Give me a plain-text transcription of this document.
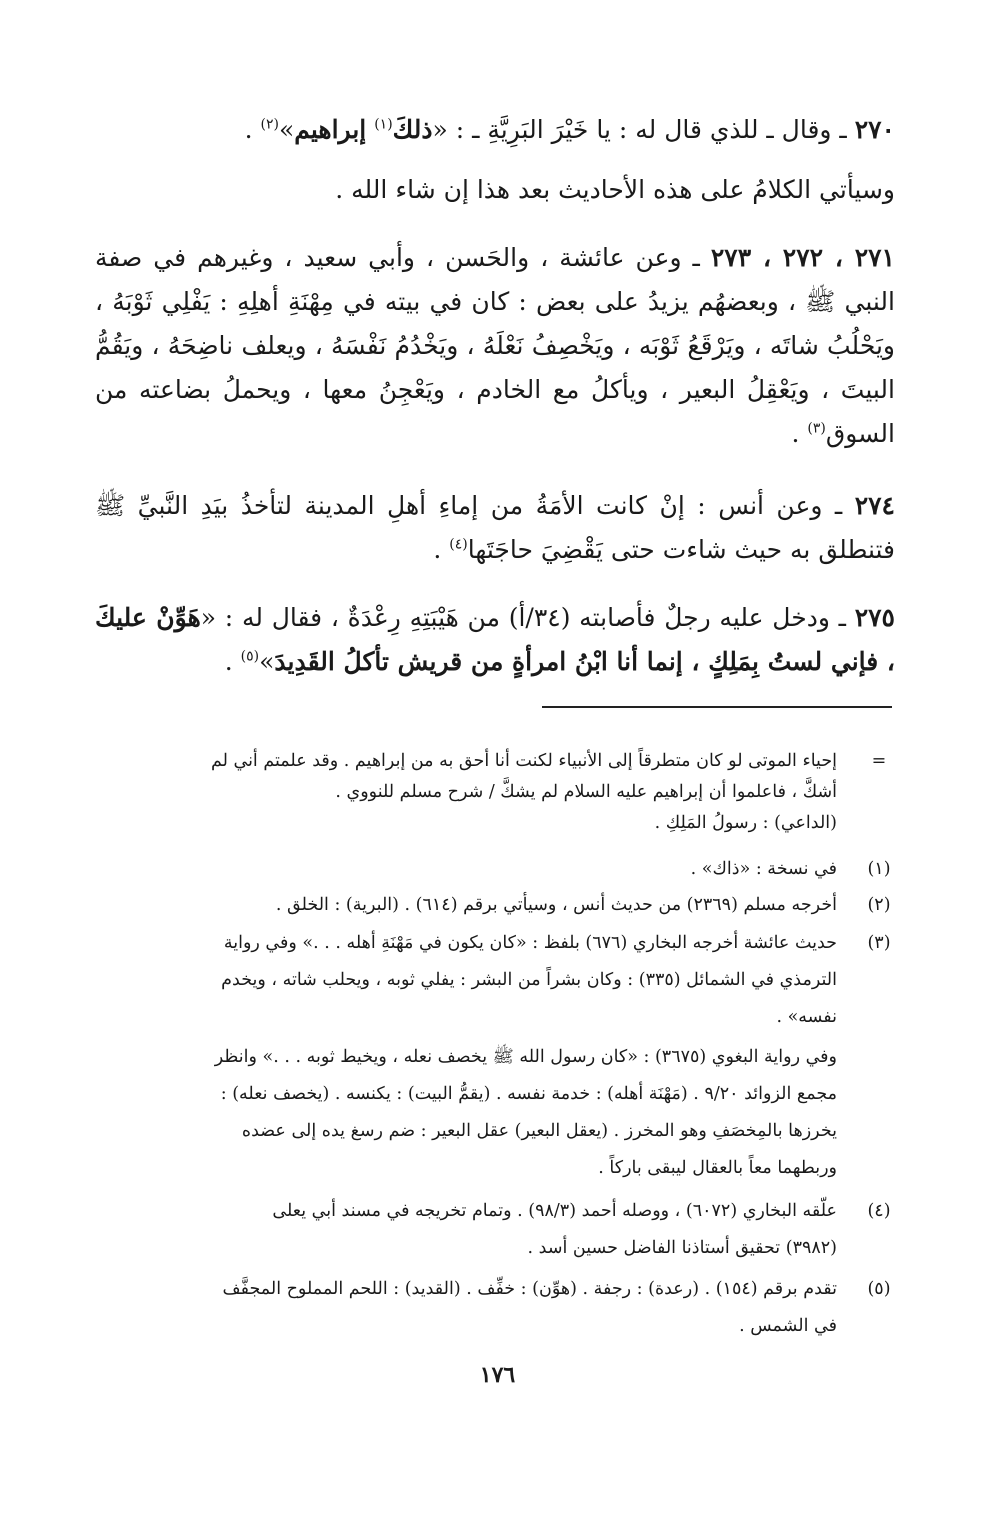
٢٧٠ ـ وقال ـ للذي قال له : يا خَيْرَ البَرِيَّةِ ـ : «ذلكَ$^{(١)}$ إبراهيم»$^{(٢)}$ .

وسيأتي الكلامُ على هذه الأحاديث بعد هذا إن شاء الله .

٢٧١ ، ٢٧٢ ، ٢٧٣ ـ وعن عائشة ، والحَسن ، وأبي سعيد ، وغيرهم في صفة النبي ﷺ ، وبعضهُم يزيدُ على بعض : كان في بيته في مِهْنَةِ أهلِهِ : يَفْلِي ثَوْبَهُ ، ويَحْلُبُ شاتَه ، ويَرْقَعُ ثَوْبَه ، ويَخْصِفُ نَعْلَهُ ، ويَخْدُمُ نَفْسَهُ ، ويعلف ناضِحَهُ ، ويَقُمُّ البيتَ ، ويَعْقِلُ البعير ، ويأكلُ مع الخادم ، ويَعْجِنُ معها ، ويحملُ بضاعته من السوق$^{(٣)}$ .

٢٧٤ ـ وعن أنس : إنْ كانت الأمَةُ من إماءِ أهلِ المدينة لتأخذُ بيَدِ النَّبيِّ ﷺ فتنطلق به حيث شاءت حتى يَقْضِيَ حاجَتَها$^{(٤)}$ .

٢٧٥ ـ ودخل عليه رجلٌ فأصابته (٣٤/أ) من هَيْبَتِهِ رِعْدَةٌ ، فقال له : «هَوِّنْ عليكَ ، فإني لستُ بِمَلِكٍ ، إنما أنا ابْنُ امرأةٍ من قريش تأكلُ القَدِيدَ»$^{(٥)}$ .

=
إحياء الموتى لو كان متطرقاً إلى الأنبياء لكنت أنا أحق به من إبراهيم . وقد علمتم أني لم
أشكَّ ، فاعلموا أن إبراهيم عليه السلام لم يشكَّ / شرح مسلم للنووي .
(الداعي) : رسولُ المَلِكِ .
(١)
في نسخة : «ذاك» .
(٢)
أخرجه مسلم (٢٣٦٩) من حديث أنس ، وسيأتي برقم (٦١٤) . (البرية) : الخلق .
(٣)
حديث عائشة أخرجه البخاري (٦٧٦) بلفظ : «كان يكون في مَهْنَةِ أهله . . .» وفي رواية
الترمذي في الشمائل (٣٣٥) : وكان بشراً من البشر : يفلي ثوبه ، ويحلب شاته ، ويخدم
نفسه» .
وفي رواية البغوي (٣٦٧٥) : «كان رسول الله ﷺ يخصف نعله ، ويخيط ثوبه . . .» وانظر
مجمع الزوائد ٩/٢٠ . (مَهْنَة أهله) : خدمة نفسه . (يقمُّ البيت) : يكنسه . (يخصف نعله) :
يخرزها بالمِخصَفِ وهو المخرز . (يعقل البعير) عقل البعير : ضم رسغ يده إلى عضده
وربطهما معاً بالعقال ليبقى باركاً .
(٤)
علّقه البخاري (٦٠٧٢) ، ووصله أحمد (٩٨/٣) . وتمام تخريجه في مسند أبي يعلى
(٣٩٨٢) تحقيق أستاذنا الفاضل حسين أسد .
(٥)
تقدم برقم (١٥٤) . (رعدة) : رجفة . (هوِّن) : خفِّف . (القديد) : اللحم المملوح المجفَّف
في الشمس .
١٧٦
